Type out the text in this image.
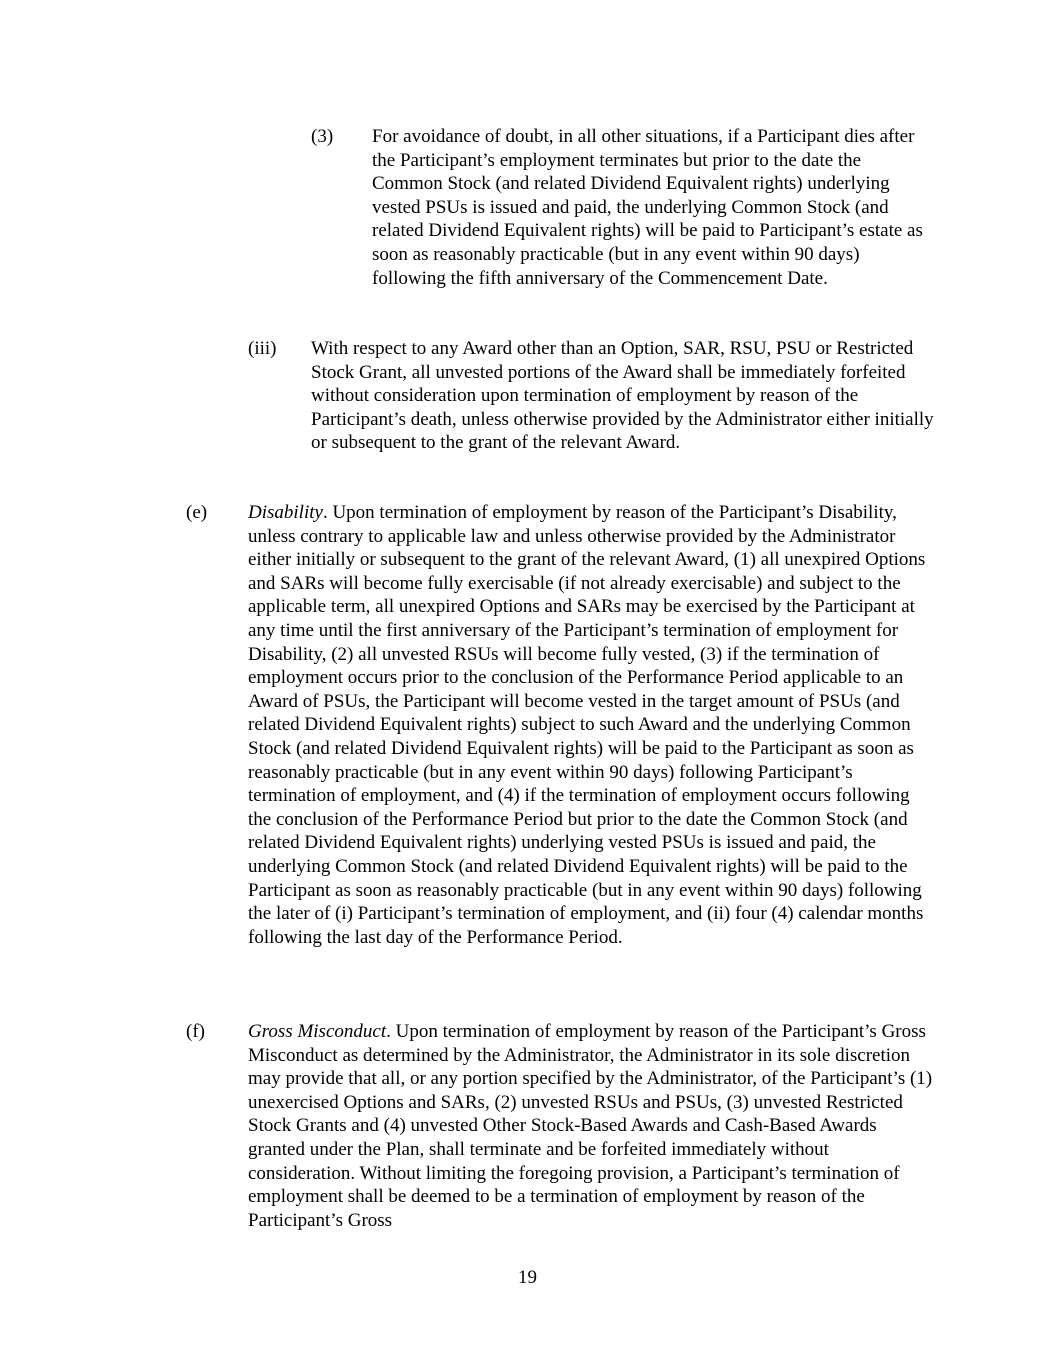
(3) For avoidance of doubt, in all other situations, if a Participant dies after the Participant’s employment terminates but prior to the date the Common Stock (and related Dividend Equivalent rights) underlying vested PSUs is issued and paid, the underlying Common Stock (and related Dividend Equivalent rights) will be paid to Participant’s estate as soon as reasonably practicable (but in any event within 90 days) following the fifth anniversary of the Commencement Date.

(iii) With respect to any Award other than an Option, SAR, RSU, PSU or Restricted Stock Grant, all unvested portions of the Award shall be immediately forfeited without consideration upon termination of employment by reason of the Participant’s death, unless otherwise provided by the Administrator either initially or subsequent to the grant of the relevant Award.

(e) Disability. Upon termination of employment by reason of the Participant’s Disability, unless contrary to applicable law and unless otherwise provided by the Administrator either initially or subsequent to the grant of the relevant Award, (1) all unexpired Options and SARs will become fully exercisable (if not already exercisable) and subject to the applicable term, all unexpired Options and SARs may be exercised by the Participant at any time until the first anniversary of the Participant’s termination of employment for Disability, (2) all unvested RSUs will become fully vested, (3) if the termination of employment occurs prior to the conclusion of the Performance Period applicable to an Award of PSUs, the Participant will become vested in the target amount of PSUs (and related Dividend Equivalent rights) subject to such Award and the underlying Common Stock (and related Dividend Equivalent rights) will be paid to the Participant as soon as reasonably practicable (but in any event within 90 days) following Participant’s termination of employment, and (4) if the termination of employment occurs following the conclusion of the Performance Period but prior to the date the Common Stock (and related Dividend Equivalent rights) underlying vested PSUs is issued and paid, the underlying Common Stock (and related Dividend Equivalent rights) will be paid to the Participant as soon as reasonably practicable (but in any event within 90 days) following the later of (i) Participant’s termination of employment, and (ii) four (4) calendar months following the last day of the Performance Period.

(f) Gross Misconduct. Upon termination of employment by reason of the Participant’s Gross Misconduct as determined by the Administrator, the Administrator in its sole discretion may provide that all, or any portion specified by the Administrator, of the Participant’s (1) unexercised Options and SARs, (2) unvested RSUs and PSUs, (3) unvested Restricted Stock Grants and (4) unvested Other Stock-Based Awards and Cash-Based Awards granted under the Plan, shall terminate and be forfeited immediately without consideration. Without limiting the foregoing provision, a Participant’s termination of employment shall be deemed to be a termination of employment by reason of the Participant’s Gross

19
